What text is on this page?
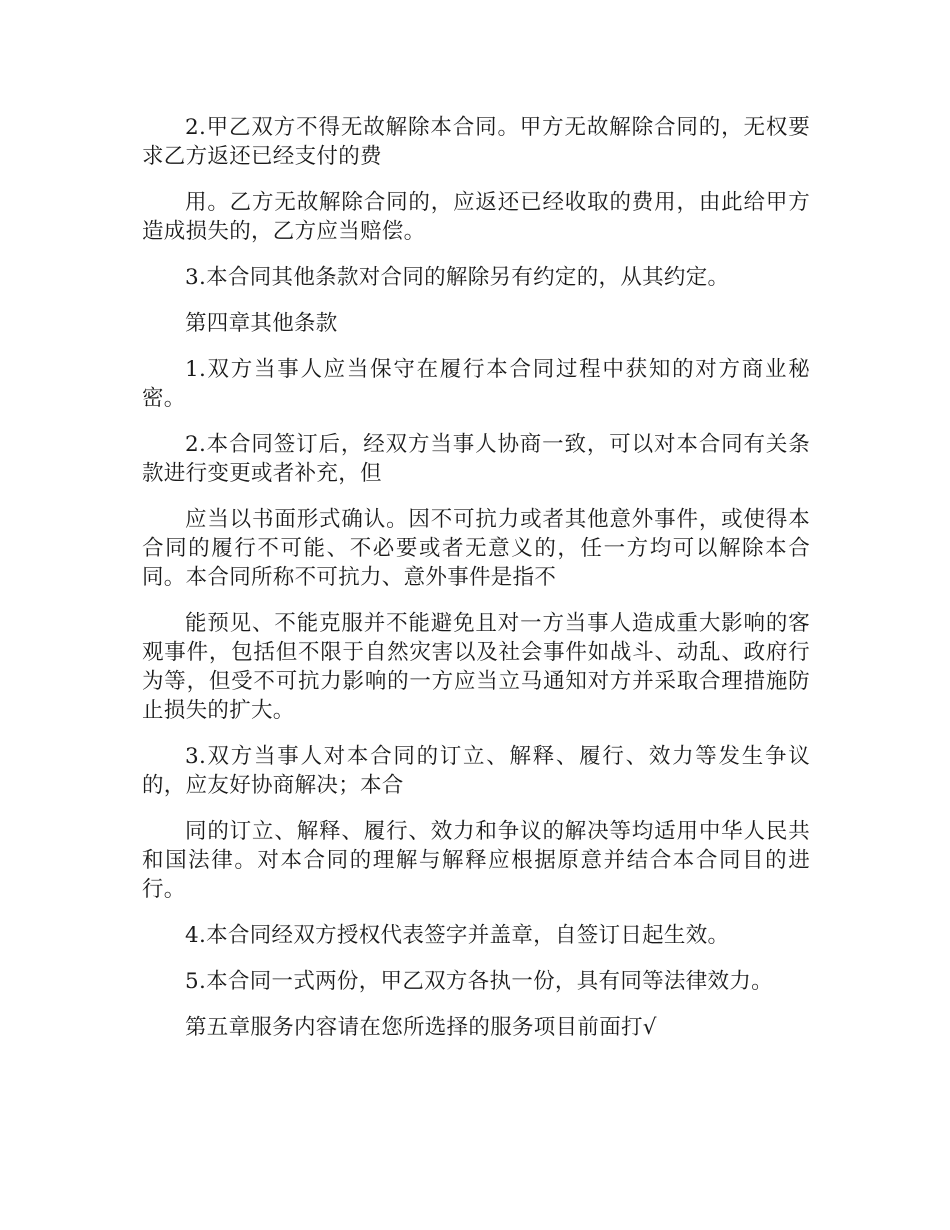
2.甲乙双方不得无故解除本合同。甲方无故解除合同的，无权要求乙方返还已经支付的费

用。乙方无故解除合同的，应返还已经收取的费用，由此给甲方造成损失的，乙方应当赔偿。

3.本合同其他条款对合同的解除另有约定的，从其约定。

第四章其他条款

1.双方当事人应当保守在履行本合同过程中获知的对方商业秘密。

2.本合同签订后，经双方当事人协商一致，可以对本合同有关条款进行变更或者补充，但

应当以书面形式确认。因不可抗力或者其他意外事件，或使得本合同的履行不可能、不必要或者无意义的，任一方均可以解除本合同。本合同所称不可抗力、意外事件是指不

能预见、不能克服并不能避免且对一方当事人造成重大影响的客观事件，包括但不限于自然灾害以及社会事件如战斗、动乱、政府行为等，但受不可抗力影响的一方应当立马通知对方并采取合理措施防止损失的扩大。

3.双方当事人对本合同的订立、解释、履行、效力等发生争议的，应友好协商解决；本合

同的订立、解释、履行、效力和争议的解决等均适用中华人民共和国法律。对本合同的理解与解释应根据原意并结合本合同目的进行。

4.本合同经双方授权代表签字并盖章，自签订日起生效。

5.本合同一式两份，甲乙双方各执一份，具有同等法律效力。

第五章服务内容请在您所选择的服务项目前面打√
